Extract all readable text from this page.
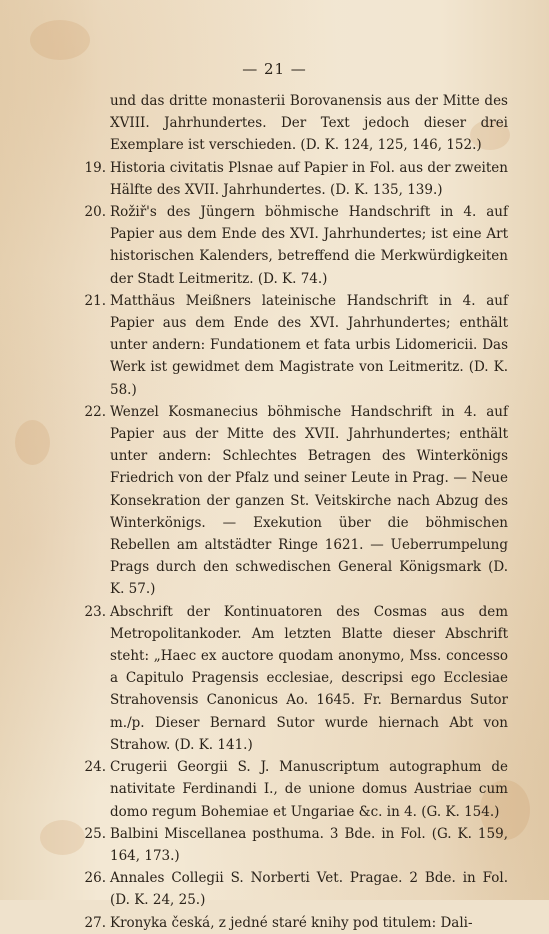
— 21 —
und das dritte monasterii Borovanensis aus der Mitte des XVIII. Jahrhundertes. Der Text jedoch dieser drei Exemplare ist verschieden. (D. K. 124, 125, 146, 152.)
19. Historia civitatis Plsnae auf Papier in Fol. aus der zweiten Hälfte des XVII. Jahrhundertes. (D. K. 135, 139.)
20. Rožiř's des Jüngern böhmische Handschrift in 4. auf Papier aus dem Ende des XVI. Jahrhundertes; ist eine Art historischen Kalenders, betreffend die Merkwürdigkeiten der Stadt Leitmeritz. (D. K. 74.)
21. Matthäus Meißners lateinische Handschrift in 4. auf Papier aus dem Ende des XVI. Jahrhundertes; enthält unter andern: Fundationem et fata urbis Lidomericii. Das Werk ist gewidmet dem Magistrate von Leitmeritz. (D. K. 58.)
22. Wenzel Kosmanecius böhmische Handschrift in 4. auf Papier aus der Mitte des XVII. Jahrhundertes; enthält unter andern: Schlechtes Betragen des Winterkönigs Friedrich von der Pfalz und seiner Leute in Prag. — Neue Konsekration der ganzen St. Veitskirche nach Abzug des Winterkönigs. — Exekution über die böhmischen Rebellen am altstädter Ringe 1621. — Ueberrumpelung Prags durch den schwedischen General Königsmark (D. K. 57.)
23. Abschrift der Kontinuatoren des Cosmas aus dem Metropolitankoder. Am letzten Blatte dieser Abschrift steht: „Haec ex auctore quodam anonymo, Mss. concesso a Capitulo Pragensis ecclesiae, descripsi ego Ecclesiae Strahovensis Canonicus Ao. 1645. Fr. Bernardus Sutor m./p. Dieser Bernard Sutor wurde hiernach Abt von Strahow. (D. K. 141.)
24. Crugerii Georgii S. J. Manuscriptum autographum de nativitate Ferdinandi I., de unione domus Austriae cum domo regum Bohemiae et Ungariae &c. in 4. (G. K. 154.)
25. Balbini Miscellanea posthuma. 3 Bde. in Fol. (G. K. 159, 164, 173.)
26. Annales Collegii S. Norberti Vet. Pragae. 2 Bde. in Fol. (D. K. 24, 25.)
27. Kronyka česká, z jedné staré knihy pod titulem: Dali-
